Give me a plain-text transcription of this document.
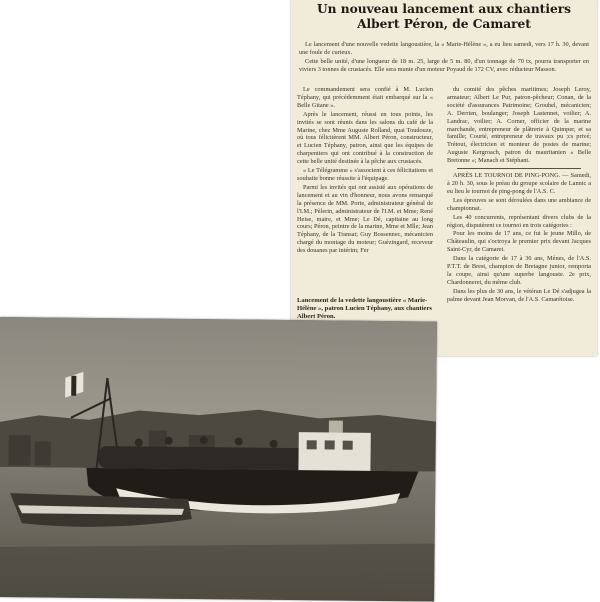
Un nouveau lancement aux chantiers
Albert Péron, de Camaret

Le lancement d'une nouvelle vedette langoustière, la « Marie-Hélène », a eu lieu samedi, vers 17 h. 30, devant une foule de curieux.

Cette belle unité, d'une longueur de 18 m. 25, large de 5 m. 80, d'un tonnage de 70 tx, pourra transporter en viviers 3 tonnes de crustacés. Elle sera munie d'un moteur Poyaud de 172 CV, avec réducteur Masson.

Le commandement sera confié à M. Lucien Téphany, qui précédemment était embarqué sur la « Belle Gitane ».

Après le lancement, réussi en tous points, les invités se sont réunis dans les salons du café de la Marine, chez Mme Auguste Rolland, quai Toudouze, où tous félicitèrent MM. Albert Péron, constructeur, et Lucien Téphany, patron, ainsi que les équipes de charpentiers qui ont contribué à la construction de cette belle unité destinée à la pêche aux crustacés.

« Le Télégramme » s'associent à ces félicitations et souhaite bonne réussite à l'équipage.

Parmi les invités qui ont assisté aux opérations de lancement et au vin d'honneur, nous avons remarqué la présence de MM. Porte, administrateur général de l'I.M.; Pèlerin, administrateur de l'I.M. et Mme; René Heise, maire, et Mme; Le Dé, capitaine au long cours; Péron, peintre de la marine, Mme et Mlle; Jean Téphany, de la Transat; Guy Bossennec, mécanicien chargé du montage du moteur; Guézingard, receveur des douanes par intérim; Fer

Lancement de la vedette langoustière « Marie-Hélène », patron Lucien Téphany, aux chantiers Albert Péron.

du comité des pêches maritimes; Joseph Leroy, armateur; Albert Le Pur, patron-pêcheur; Conan, de la société d'assurances Patrimoine; Grouhel, mécanicien; A. Derrien, boulanger; Joseph Lastennet, voilier; A. Landrac, voilier; A. Corner, officier de la marine marchande, entrepreneur de plâtrerie à Quimper, et sa famille; Courté, entrepreneur de travaux pu ;cs privé; Trétout, électricien et monteur de postes de marine; Auguste Kergroach, patron du mauritanien « Belle Bretonne »; Manach et Stéphant.

APRÈS LE TOURNOI DE PING-PONG. — Samedi, à 20 h. 30, sous le préau du groupe scolaire de Lannic a eu lieu le tournoi de ping-pong de l'A.S. C.

Les épreuves se sont déroulées dans une ambiance de championnat.

Les 40 concurrents, représentant divers clubs de la région, disputèrent ce tournoi en trois catégories :

Pour les moins de 17 ans, ce fut le jeune Millo, de Châteaulin, qui s'octroya le premier prix devant Jacques Saint-Cyr, de Camaret.

Dans la catégorie de 17 à 30 ans, Ménes, de l'A.S. P.T.T. de Brest, champion de Bretagne junior, remporta la coupe, ainsi qu'une superbe langouste. 2e prix, Chardonneret, du même club.

Dans les plus de 30 ans, le vétéran Le Dé s'adjugea la palme devant Jean Morvan, de l'A.S. Camarétoise.
